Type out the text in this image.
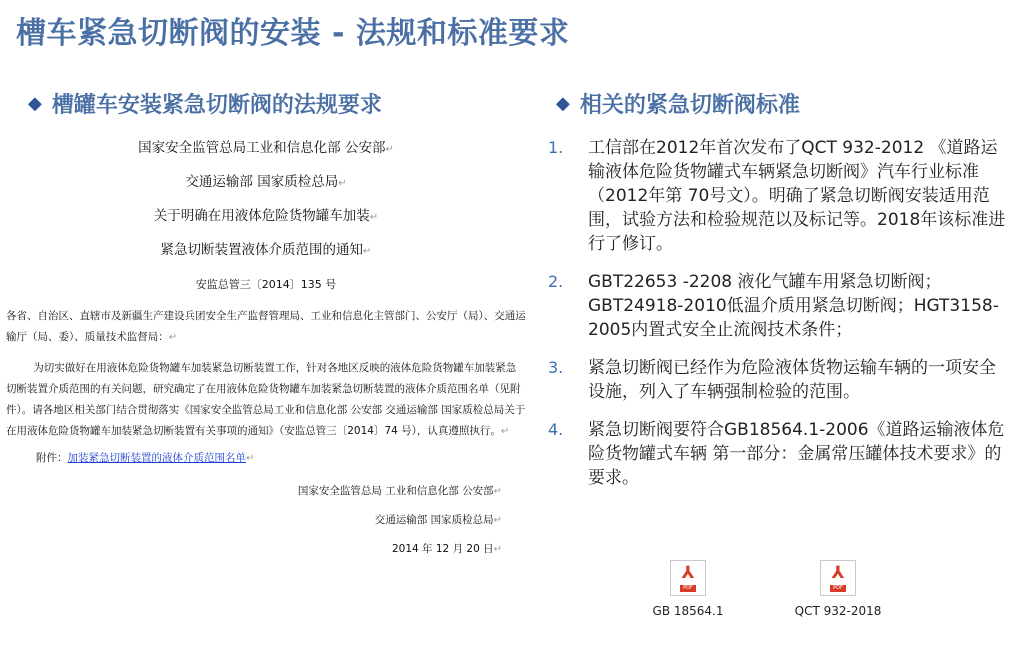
槽车紧急切断阀的安装 - 法规和标准要求
◆ 槽罐车安装紧急切断阀的法规要求	◆ 相关的紧急切断阀标准
国家安全监管总局工业和信息化部 公安部↵
交通运输部 国家质检总局↵
关于明确在用液体危险货物罐车加装↵
紧急切断装置液体介质范围的通知↵
安监总管三〔2014〕135 号
各省、自治区、直辖市及新疆生产建设兵团安全生产监督管理局、工业和信息化主管部门、公安厅（局）、交通运输厅（局、委）、质量技术监督局：↵
为切实做好在用液体危险货物罐车加装紧急切断装置工作，针对各地区反映的液体危险货物罐车加装紧急切断装置介质范围的有关问题，研究确定了在用液体危险货物罐车加装紧急切断装置的液体介质范围名单（见附件）。请各地区相关部门结合贯彻落实《国家安全监管总局工业和信息化部 公安部 交通运输部 国家质检总局关于在用液体危险货物罐车加装紧急切断装置有关事项的通知》（安监总管三〔2014〕74 号），认真遵照执行。↵
附件：加装紧急切断装置的液体介质范围名单↵
国家安全监管总局 工业和信息化部 公安部↵
交通运输部 国家质检总局↵
2014 年 12 月 20 日↵
1.	工信部在2012年首次发布了QCT 932-2012 《道路运输液体危险货物罐式车辆紧急切断阀》汽车行业标准（2012年第 70号文）。明确了紧急切断阀安装适用范围，试验方法和检验规范以及标记等。2018年该标准进行了修订。
2.	GBT22653 -2208 液化气罐车用紧急切断阀；GBT24918-2010低温介质用紧急切断阀；HGT3158-2005内置式安全止流阀技术条件；
3.	紧急切断阀已经作为危险液体货物运输车辆的一项安全设施，列入了车辆强制检验的范围。
4.	紧急切断阀要符合GB18564.1-2006《道路运输液体危险货物罐式车辆 第一部分：金属常压罐体技术要求》的要求。
⅄
PDF
GB 18564.1
⅄
PDF
QCT 932-2018
